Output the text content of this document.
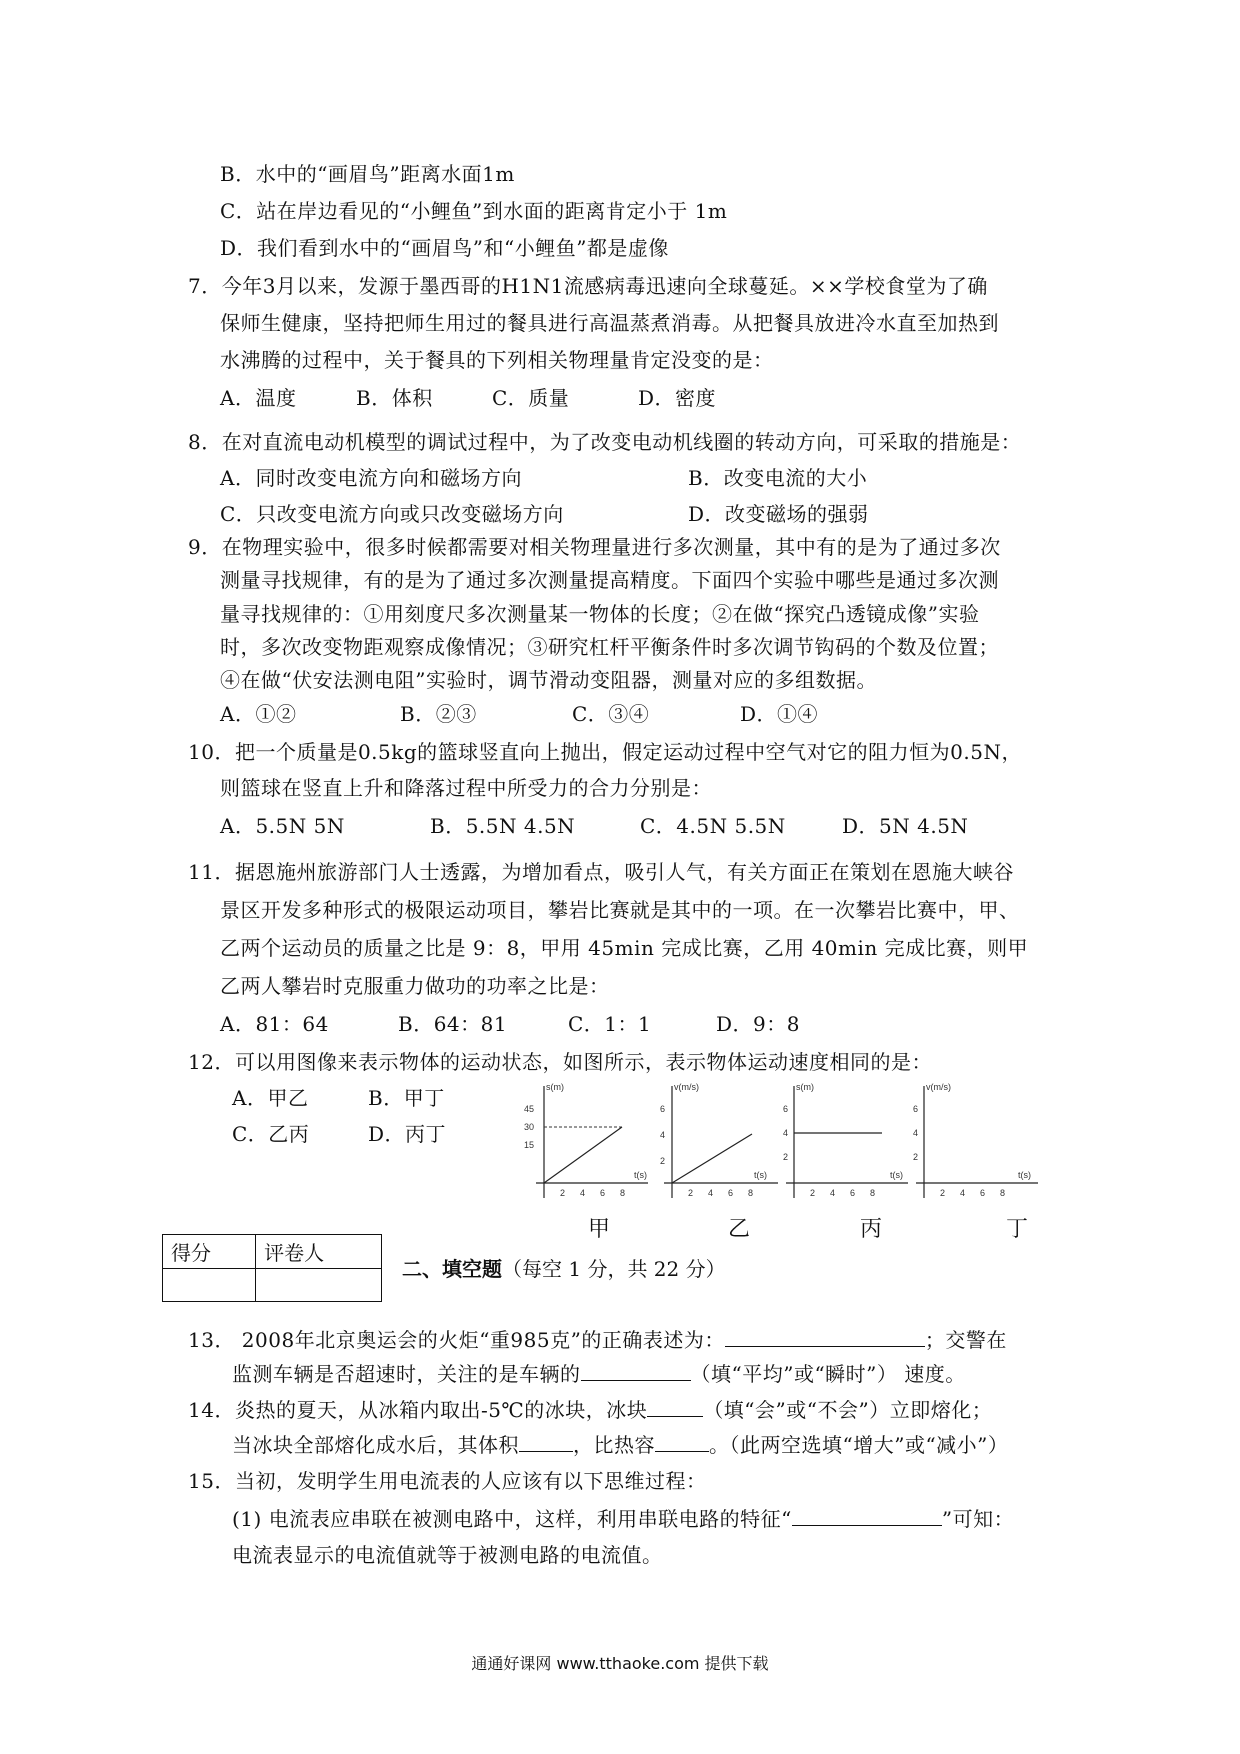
B．水中的“画眉鸟”距离水面1m
C．站在岸边看见的“小鲤鱼”到水面的距离肯定小于 1m
D．我们看到水中的“画眉鸟”和“小鲤鱼”都是虚像
7．今年3月以来，发源于墨西哥的H1N1流感病毒迅速向全球蔓延。××学校食堂为了确
保师生健康，坚持把师生用过的餐具进行高温蒸煮消毒。从把餐具放进冷水直至加热到
水沸腾的过程中，关于餐具的下列相关物理量肯定没变的是：
A．温度	B．体积	C．质量	D．密度
8．在对直流电动机模型的调试过程中，为了改变电动机线圈的转动方向，可采取的措施是：
A．同时改变电流方向和磁场方向	B．改变电流的大小
C．只改变电流方向或只改变磁场方向	D．改变磁场的强弱
9．在物理实验中，很多时候都需要对相关物理量进行多次测量，其中有的是为了通过多次
测量寻找规律，有的是为了通过多次测量提高精度。下面四个实验中哪些是通过多次测
量寻找规律的：①用刻度尺多次测量某一物体的长度；②在做“探究凸透镜成像”实验
时，多次改变物距观察成像情况；③研究杠杆平衡条件时多次调节钩码的个数及位置；
④在做“伏安法测电阻”实验时，调节滑动变阻器，测量对应的多组数据。
A．①②	B．②③	C．③④	D．①④
10．把一个质量是0.5kg的篮球竖直向上抛出，假定运动过程中空气对它的阻力恒为0.5N，
则篮球在竖直上升和降落过程中所受力的合力分别是：
A．5.5N 5N	B．5.5N 4.5N	C．4.5N 5.5N	D．5N 4.5N
11．据恩施州旅游部门人士透露，为增加看点，吸引人气，有关方面正在策划在恩施大峡谷
景区开发多种形式的极限运动项目，攀岩比赛就是其中的一项。在一次攀岩比赛中，甲、
乙两个运动员的质量之比是 9：8，甲用 45min 完成比赛，乙用 40min 完成比赛，则甲
乙两人攀岩时克服重力做功的功率之比是：
A．81：64	B．64：81	C．1：1	D．9：8
12．可以用图像来表示物体的运动状态，如图所示，表示物体运动速度相同的是：
A．甲乙	B．甲丁
C．乙丙	D．丙丁
s(m)
t(s)
45
30
15
2 4 6 8
v(m/s)
t(s)
6
4
2
2 4 6 8
s(m)
t(s)
6
4
2
2 4 6 8
v(m/s)
t(s)
6
4
2
2 4 6 8
甲	乙	丙	丁
得分	评卷人

二、填空题（每空 1 分，共 22 分）
13． 2008年北京奥运会的火炬“重985克”的正确表述为：	；交警在
监测车辆是否超速时，关注的是车辆的	（填“平均”或“瞬时”） 速度。
14．炎热的夏天，从冰箱内取出-5℃的冰块，冰块	（填“会”或“不会”）立即熔化；
当冰块全部熔化成水后，其体积	，比热容	。（此两空选填“增大”或“减小”）
15．当初，发明学生用电流表的人应该有以下思维过程：
(1) 电流表应串联在被测电路中，这样，利用串联电路的特征“	”可知：
电流表显示的电流值就等于被测电路的电流值。
通通好课网 www.tthaoke.com 提供下载
